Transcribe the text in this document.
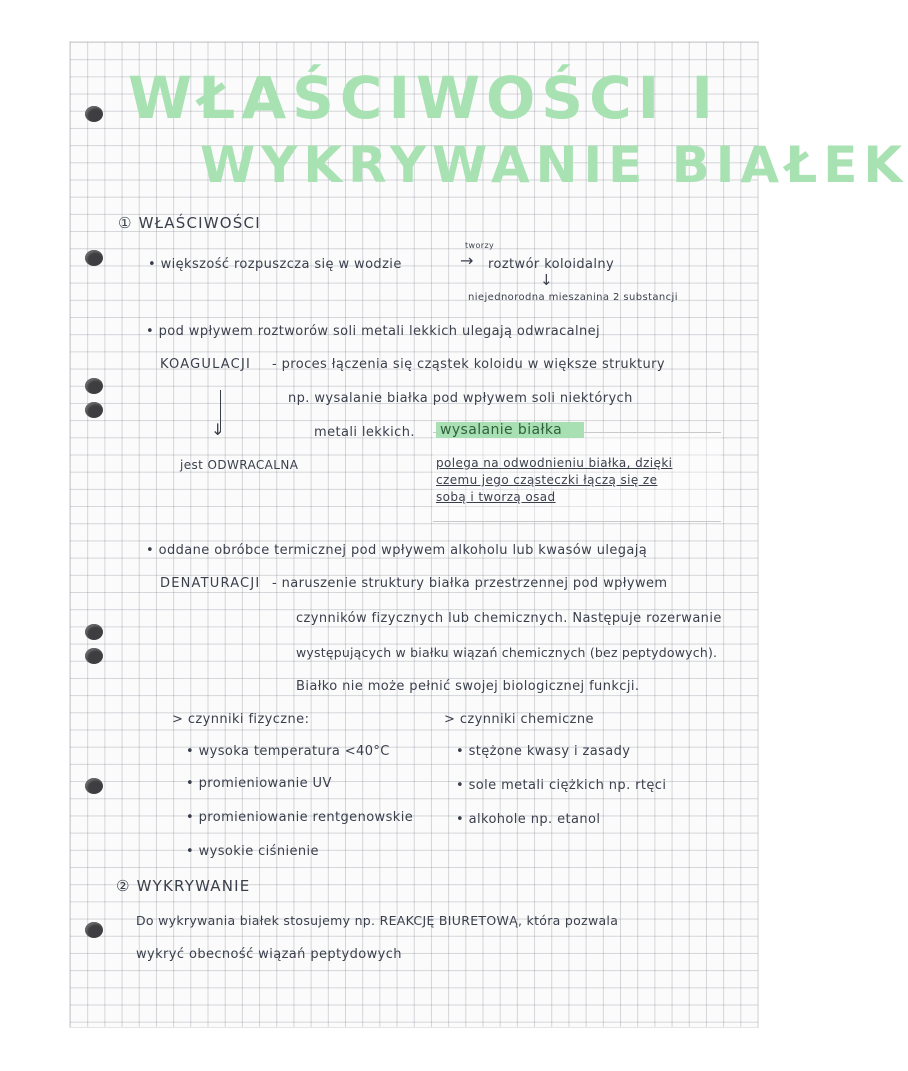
WŁAŚCIWOŚCI I
WYKRYWANIE BIAŁEK
① WŁAŚCIWOŚCI
• większość rozpuszcza się w wodzie
tworzy
→ roztwór koloidalny
↓
niejednorodna mieszanina 2 substancji
• pod wpływem roztworów soli metali lekkich ulegają odwracalnej
KOAGULACJI - proces łączenia się cząstek koloidu w większe struktury
np. wysalanie białka pod wpływem soli niektórych
metali lekkich.
↓
jest ODWRACALNA
wysalanie białka
polega na odwodnieniu białka, dzięki
czemu jego cząsteczki łączą się ze
sobą i tworzą osad
• oddane obróbce termicznej pod wpływem alkoholu lub kwasów ulegają
DENATURACJI - naruszenie struktury białka przestrzennej pod wpływem
czynników fizycznych lub chemicznych. Następuje rozerwanie
występujących w białku wiązań chemicznych (bez peptydowych).
Białko nie może pełnić swojej biologicznej funkcji.
> czynniki fizyczne:
• wysoka temperatura <40°C
• promieniowanie UV
• promieniowanie rentgenowskie
• wysokie ciśnienie
> czynniki chemiczne
• stężone kwasy i zasady
• sole metali ciężkich np. rtęci
• alkohole np. etanol
② WYKRYWANIE
Do wykrywania białek stosujemy np. REAKCJĘ BIURETOWĄ, która pozwala
wykryć obecność wiązań peptydowych
